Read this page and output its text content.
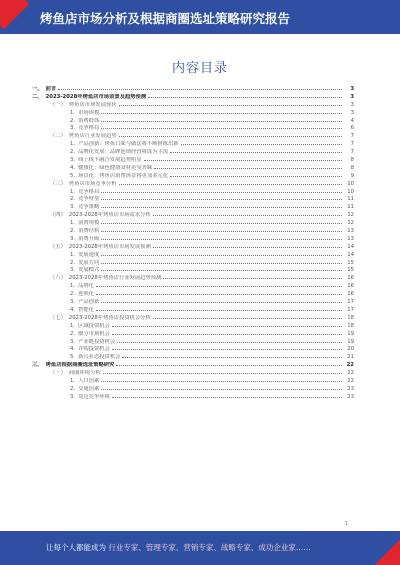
烤鱼店市场分析及根据商圈选址策略研究报告
内容目录
一、 前言	3
二、 2023-2028年烤鱼店市场前景及趋势预测	3
（一） 烤鱼店市场发展现状	3
1. 市场规模	3
2. 消费群体	4
3. 竞争格局	6
（二） 烤鱼店行业发展趋势	7
1. 产品创新：烤鱼口味与做法将不断推陈出新	7
2. 品牌化发展：品牌连锁经营将成为主流	7
3. 线上线下融合发展趋势明显	8
4. 健康化：绿色健康食材更受青睐	8
5. 场景化：烤鱼店消费场景将更加多元化	9
（三） 烤鱼店市场竞争分析	10
1. 竞争格局	10
2. 竞争壁垒	11
3. 竞争策略	11
（四） 2023-2028年烤鱼店市场需求分析	12
1. 消费规模	12
2. 消费结构	13
3. 消费升级	13
（五） 2023-2028年烤鱼店市场发展预测	14
1. 发展速度	14
2. 发展方向	15
3. 发展模式	15
（六） 2023-2028年烤鱼店行业发展趋势预测	16
1. 品牌化	16
2. 连锁化	16
3. 产品创新	17
4. 智能化	17
（七） 2023-2028年烤鱼店投资机会分析	18
1. 区域投资机会	18
2. 细分市场机会	19
3. 产业链投资机会	19
4. 并购投资机会	20
5. 新兴业态投资机会	21
三、 烤鱼店根据商圈选址策略研究	22
（一） 商圈环境分析	22
1. 人口因素	22
2. 交通因素	23
3. 周边竞争环境	23
1
让每个人都能成为 行业专家、管理专家、营销专家、战略专家、成功企业家……
